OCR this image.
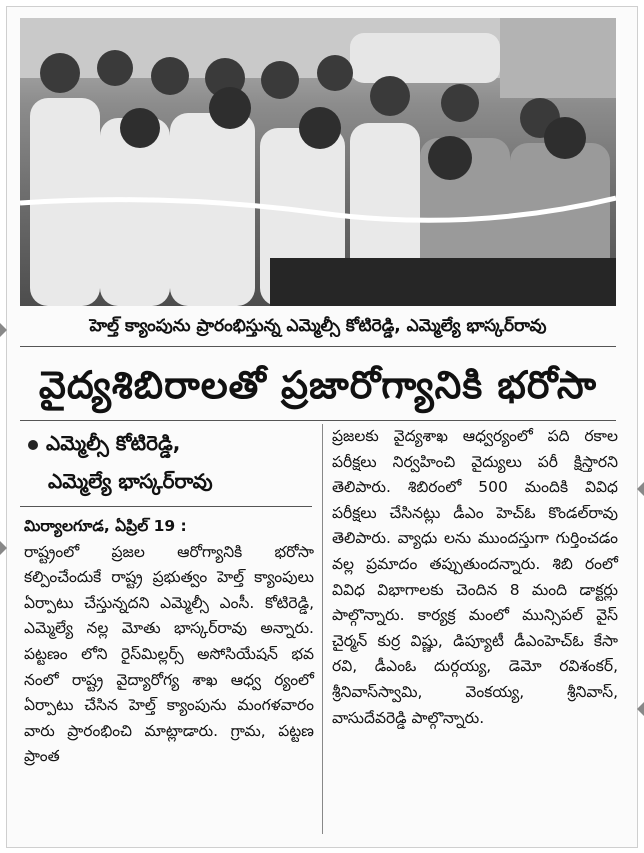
హెల్త్ క్యాంపును ప్రారంభిస్తున్న ఎమ్మెల్సీ కోటిరెడ్డి, ఎమ్మెల్యే భాస్కర్‌రావు
వైద్యశిబిరాలతో ప్రజారోగ్యానికి భరోసా
ఎమ్మెల్సీ కోటిరెడ్డి,
ఎమ్మెల్యే భాస్కర్‌రావు

మిర్యాలగూడ, ఏప్రిల్ 19 :

రాష్ట్రంలో ప్రజల ఆరోగ్యానికి భరోసా కల్పించేందుకే రాష్ట్ర ప్రభుత్వం హెల్త్ క్యాంపులు ఏర్పాటు చేస్తున్నదని ఎమ్మెల్సీ ఎంసీ. కోటిరెడ్డి, ఎమ్మెల్యే నల్ల మోతు భాస్కర్‌రావు అన్నారు. పట్టణం లోని రైస్‌మిల్లర్స్ అసోసియేషన్ భవ నంలో రాష్ట్ర వైద్యారోగ్య శాఖ ఆధ్వ ర్యంలో ఏర్పాటు చేసిన హెల్త్ క్యాంపును మంగళవారం వారు ప్రారంభించి మాట్లాడారు. గ్రామ, పట్టణ ప్రాంత

ప్రజలకు వైద్యశాఖ ఆధ్వర్యంలో పది రకాల పరీక్షలు నిర్వహించి వైద్యులు పరీ క్షిస్తారని తెలిపారు. శిబిరంలో 500 మందికి వివిధ పరీక్షలు చేసినట్లు డీఎం హెచ్ఓ కొండల్‌రావు తెలిపారు. వ్యాధు లను ముందస్తుగా గుర్తించడం వల్ల ప్రమాదం తప్పుతుందన్నారు. శిబి రంలో వివిధ విభాగాలకు చెందిన 8 మంది డాక్టర్లు పాల్గొన్నారు. కార్యక్ర మంలో మున్సిపల్ వైస్ చైర్మన్ కుర్ర విష్ణు, డిప్యూటీ డీఎంహెచ్ఓ కేసా రవి, డీఎంఓ దుర్గయ్య, డెమో రవిశంకర్, శ్రీనివాస్‌స్వామి, వెంకయ్య, శ్రీనివాస్, వాసుదేవరెడ్డి పాల్గొన్నారు.
